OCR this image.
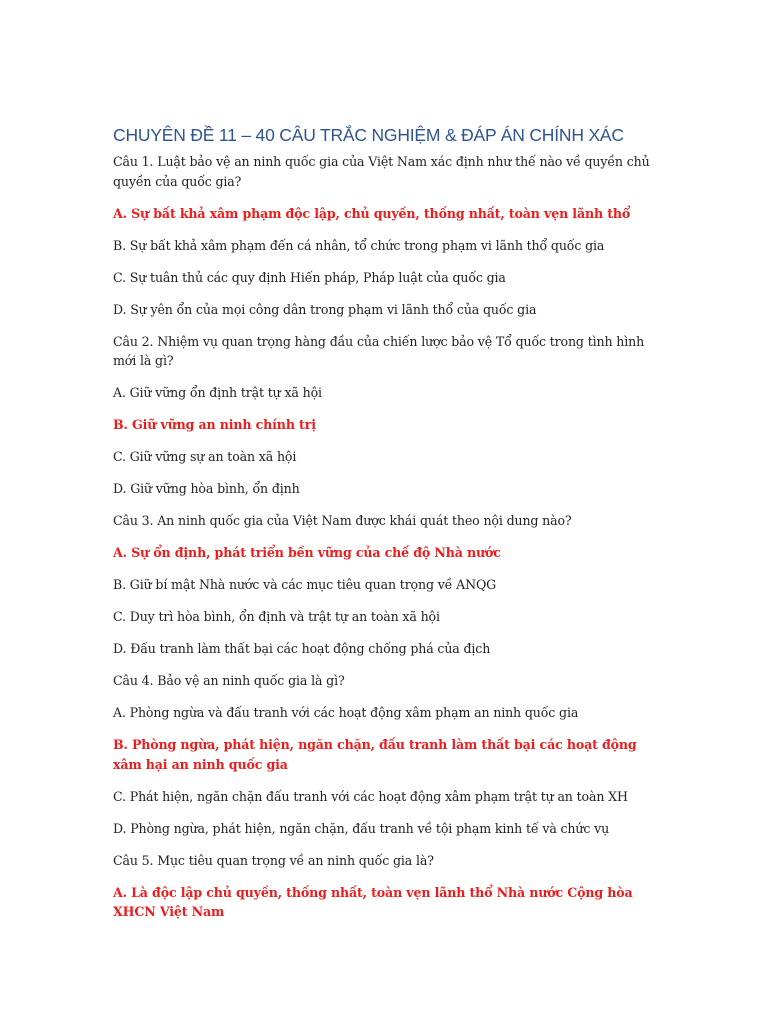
CHUYÊN ĐỀ 11 – 40 CÂU TRẮC NGHIỆM & ĐÁP ÁN CHÍNH XÁC
Câu 1. Luật bảo vệ an ninh quốc gia của Việt Nam xác định như thế nào về quyền chủ quyền của quốc gia?
A. Sự bất khả xâm phạm độc lập, chủ quyền, thống nhất, toàn vẹn lãnh thổ
B. Sự bất khả xâm phạm đến cá nhân, tổ chức trong phạm vi lãnh thổ quốc gia
C. Sự tuân thủ các quy định Hiến pháp, Pháp luật của quốc gia
D. Sự yên ổn của mọi công dân trong phạm vi lãnh thổ của quốc gia
Câu 2. Nhiệm vụ quan trọng hàng đầu của chiến lược bảo vệ Tổ quốc trong tình hình mới là gì?
A. Giữ vững ổn định trật tự xã hội
B. Giữ vững an ninh chính trị
C. Giữ vững sự an toàn xã hội
D. Giữ vững hòa bình, ổn định
Câu 3. An ninh quốc gia của Việt Nam được khái quát theo nội dung nào?
A. Sự ổn định, phát triển bền vững của chế độ Nhà nước
B. Giữ bí mật Nhà nước và các mục tiêu quan trọng về ANQG
C. Duy trì hòa bình, ổn định và trật tự an toàn xã hội
D. Đấu tranh làm thất bại các hoạt động chống phá của địch
Câu 4. Bảo vệ an ninh quốc gia là gì?
A. Phòng ngừa và đấu tranh với các hoạt động xâm phạm an ninh quốc gia
B. Phòng ngừa, phát hiện, ngăn chặn, đấu tranh làm thất bại các hoạt động xâm hại an ninh quốc gia
C. Phát hiện, ngăn chặn đấu tranh với các hoạt động xâm phạm trật tự an toàn XH
D. Phòng ngừa, phát hiện, ngăn chặn, đấu tranh về tội phạm kinh tế và chức vụ
Câu 5. Mục tiêu quan trọng về an ninh quốc gia là?
A. Là độc lập chủ quyền, thống nhất, toàn vẹn lãnh thổ Nhà nước Cộng hòa XHCN Việt Nam
